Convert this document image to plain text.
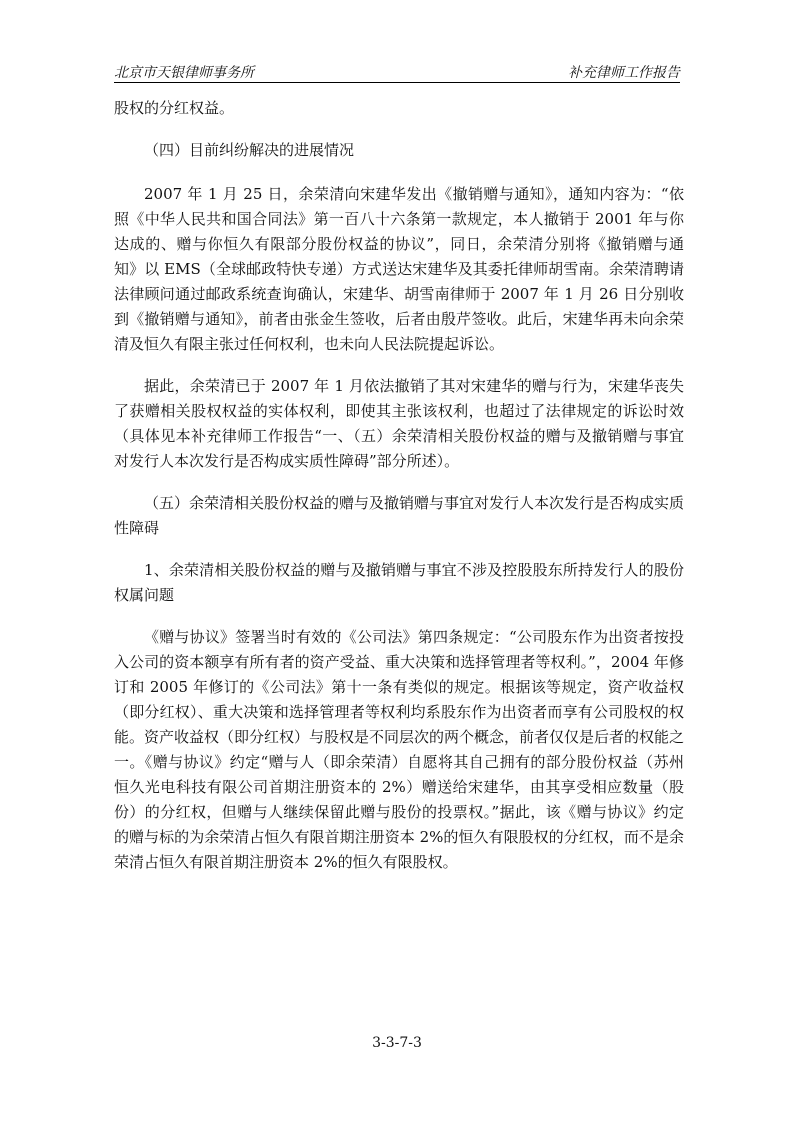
北京市天银律师事务所	补充律师工作报告

股权的分红权益。

（四）目前纠纷解决的进展情况

2007 年 1 月 25 日，余荣清向宋建华发出《撤销赠与通知》，通知内容为：“依照《中华人民共和国合同法》第一百八十六条第一款规定，本人撤销于 2001 年与你达成的、赠与你恒久有限部分股份权益的协议”，同日，余荣清分别将《撤销赠与通知》以 EMS（全球邮政特快专递）方式送达宋建华及其委托律师胡雪南。余荣清聘请法律顾问通过邮政系统查询确认，宋建华、胡雪南律师于 2007 年 1 月 26 日分别收到《撤销赠与通知》，前者由张金生签收，后者由殷芹签收。此后，宋建华再未向余荣清及恒久有限主张过任何权利，也未向人民法院提起诉讼。

据此，余荣清已于 2007 年 1 月依法撤销了其对宋建华的赠与行为，宋建华丧失了获赠相关股权权益的实体权利，即使其主张该权利，也超过了法律规定的诉讼时效（具体见本补充律师工作报告“一、（五）余荣清相关股份权益的赠与及撤销赠与事宜对发行人本次发行是否构成实质性障碍”部分所述）。

（五）余荣清相关股份权益的赠与及撤销赠与事宜对发行人本次发行是否构成实质性障碍

1、余荣清相关股份权益的赠与及撤销赠与事宜不涉及控股股东所持发行人的股份权属问题

《赠与协议》签署当时有效的《公司法》第四条规定：“公司股东作为出资者按投入公司的资本额享有所有者的资产受益、重大决策和选择管理者等权利。”，2004 年修订和 2005 年修订的《公司法》第十一条有类似的规定。根据该等规定，资产收益权（即分红权）、重大决策和选择管理者等权利均系股东作为出资者而享有公司股权的权能。资产收益权（即分红权）与股权是不同层次的两个概念，前者仅仅是后者的权能之一。《赠与协议》约定“赠与人（即余荣清）自愿将其自己拥有的部分股份权益（苏州恒久光电科技有限公司首期注册资本的 2%）赠送给宋建华，由其享受相应数量（股份）的分红权，但赠与人继续保留此赠与股份的投票权。”据此，该《赠与协议》约定的赠与标的为余荣清占恒久有限首期注册资本 2%的恒久有限股权的分红权，而不是余荣清占恒久有限首期注册资本 2%的恒久有限股权。

3-3-7-3
